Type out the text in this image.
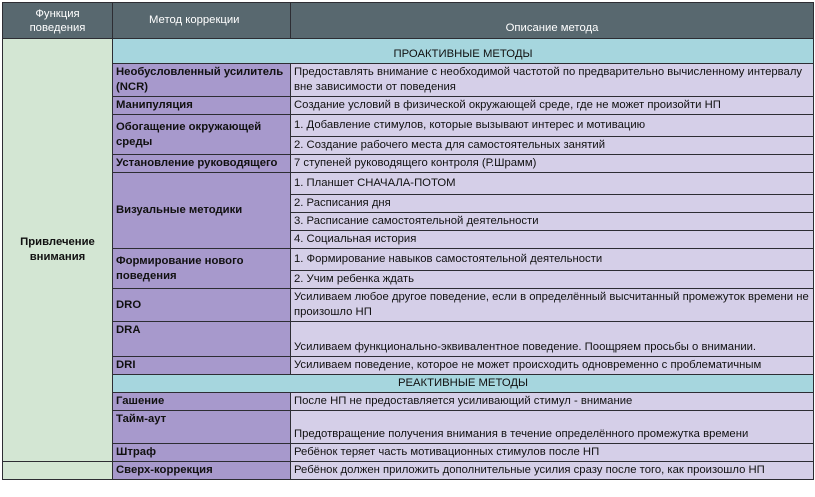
Функция поведения	Метод коррекции	Описание метода
Привлечение внимания	ПРОАКТИВНЫЕ МЕТОДЫ	
	Необусловленный усилитель (NCR)	Предоставлять внимание с необходимой частотой по предварительно вычисленному интервалу вне зависимости от поведения
	Манипуляция	Создание условий в физической окружающей среде, где не может произойти НП
	Обогащение окружающей среды	1. Добавление стимулов, которые вызывают интерес и мотивацию
		2. Создание рабочего места для самостоятельных занятий
	Установление руководящего	7 ступеней руководящего контроля (Р.Шрамм)
	Визуальные методики	1. Планшет СНАЧАЛА-ПОТОМ
		2. Расписания дня
		3. Расписание самостоятельной деятельности
		4. Социальная история
	Формирование нового поведения	1. Формирование навыков самостоятельной деятельности
		2. Учим ребенка ждать
	DRO	Усиливаем любое другое поведение, если в определённый высчитанный промежуток времени не произошло НП
	DRA	Усиливаем функционально-эквивалентное поведение. Поощряем просьбы о внимании.
	DRI	Усиливаем поведение, которое не может происходить одновременно с проблематичным
	РЕАКТИВНЫЕ МЕТОДЫ	
	Гашение	После НП не предоставляется усиливающий стимул - внимание
	Тайм-аут	Предотвращение получения внимания в течение определённого промежутка времени
	Штраф	Ребёнок теряет часть мотивационных стимулов после НП
	Сверх-коррекция	Ребёнок должен приложить дополнительные усилия сразу после того, как произошло НП
